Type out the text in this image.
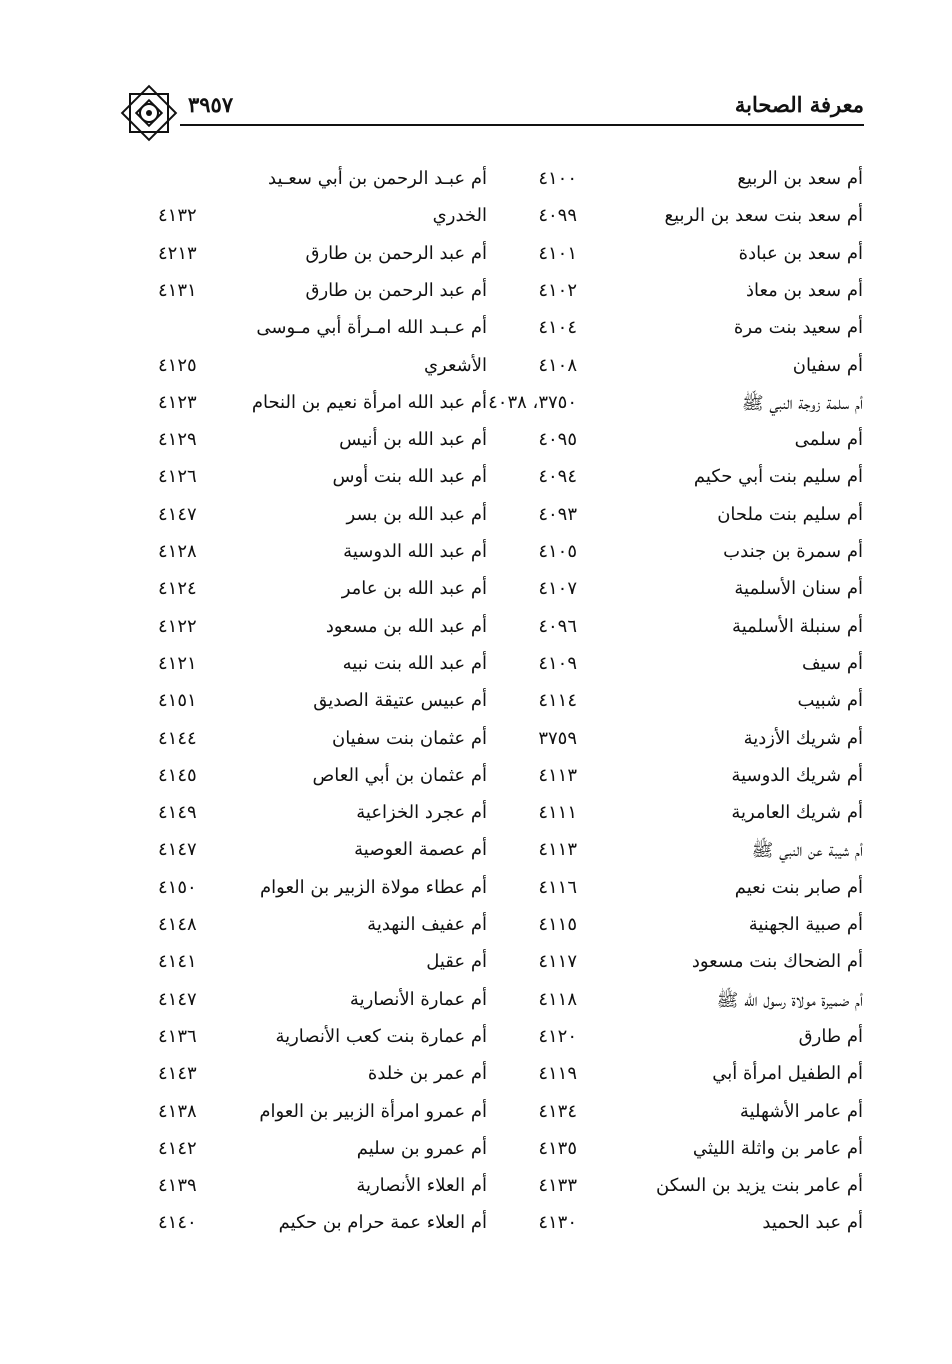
معرفة الصحابة
٣٩٥٧
أم سعد بن الربيع
٤١٠٠
أم عبـد الرحمن بن أبي سعـيد
أم سعد بنت سعد بن الربيع
٤٠٩٩
الخدري
٤١٣٢
أم سعد بن عبادة
٤١٠١
أم عبد الرحمن بن طارق
٤٢١٣
أم سعد بن معاذ
٤١٠٢
أم عبد الرحمن بن طارق
٤١٣١
أم سعيد بنت مرة
٤١٠٤
أم عـبـد الله امـرأة أبي مـوسى
أم سفيان
٤١٠٨
الأشعري
٤١٢٥
أم سلمة زوجة النبي ﷺ
٣٧٥٠، ٤٠٣٨
أم عبد الله امرأة نعيم بن النحام
٤١٢٣
أم سلمى
٤٠٩٥
أم عبد الله بن أنيس
٤١٢٩
أم سليم بنت أبي حكيم
٤٠٩٤
أم عبد الله بنت أوس
٤١٢٦
أم سليم بنت ملحان
٤٠٩٣
أم عبد الله بن بسر
٤١٤٧
أم سمرة بن جندب
٤١٠٥
أم عبد الله الدوسية
٤١٢٨
أم سنان الأسلمية
٤١٠٧
أم عبد الله بن عامر
٤١٢٤
أم سنبلة الأسلمية
٤٠٩٦
أم عبد الله بن مسعود
٤١٢٢
أم سيف
٤١٠٩
أم عبد الله بنت نبيه
٤١٢١
أم شبيب
٤١١٤
أم عبيس عتيقة الصديق
٤١٥١
أم شريك الأزدية
٣٧٥٩
أم عثمان بنت سفيان
٤١٤٤
أم شريك الدوسية
٤١١٣
أم عثمان بن أبي العاص
٤١٤٥
أم شريك العامرية
٤١١١
أم عجرد الخزاعية
٤١٤٩
أم شيبة عن النبي ﷺ
٤١١٣
أم عصمة العوصية
٤١٤٧
أم صابر بنت نعيم
٤١١٦
أم عطاء مولاة الزبير بن العوام
٤١٥٠
أم صبية الجهنية
٤١١٥
أم عفيف النهدية
٤١٤٨
أم الضحاك بنت مسعود
٤١١٧
أم عقيل
٤١٤١
أم ضميرة مولاة رسول الله ﷺ
٤١١٨
أم عمارة الأنصارية
٤١٤٧
أم طارق
٤١٢٠
أم عمارة بنت كعب الأنصارية
٤١٣٦
أم الطفيل امرأة أبي
٤١١٩
أم عمر بن خلدة
٤١٤٣
أم عامر الأشهلية
٤١٣٤
أم عمرو امرأة الزبير بن العوام
٤١٣٨
أم عامر بن واثلة الليثي
٤١٣٥
أم عمرو بن سليم
٤١٤٢
أم عامر بنت يزيد بن السكن
٤١٣٣
أم العلاء الأنصارية
٤١٣٩
أم عبد الحميد
٤١٣٠
أم العلاء عمة حرام بن حكيم
٤١٤٠
